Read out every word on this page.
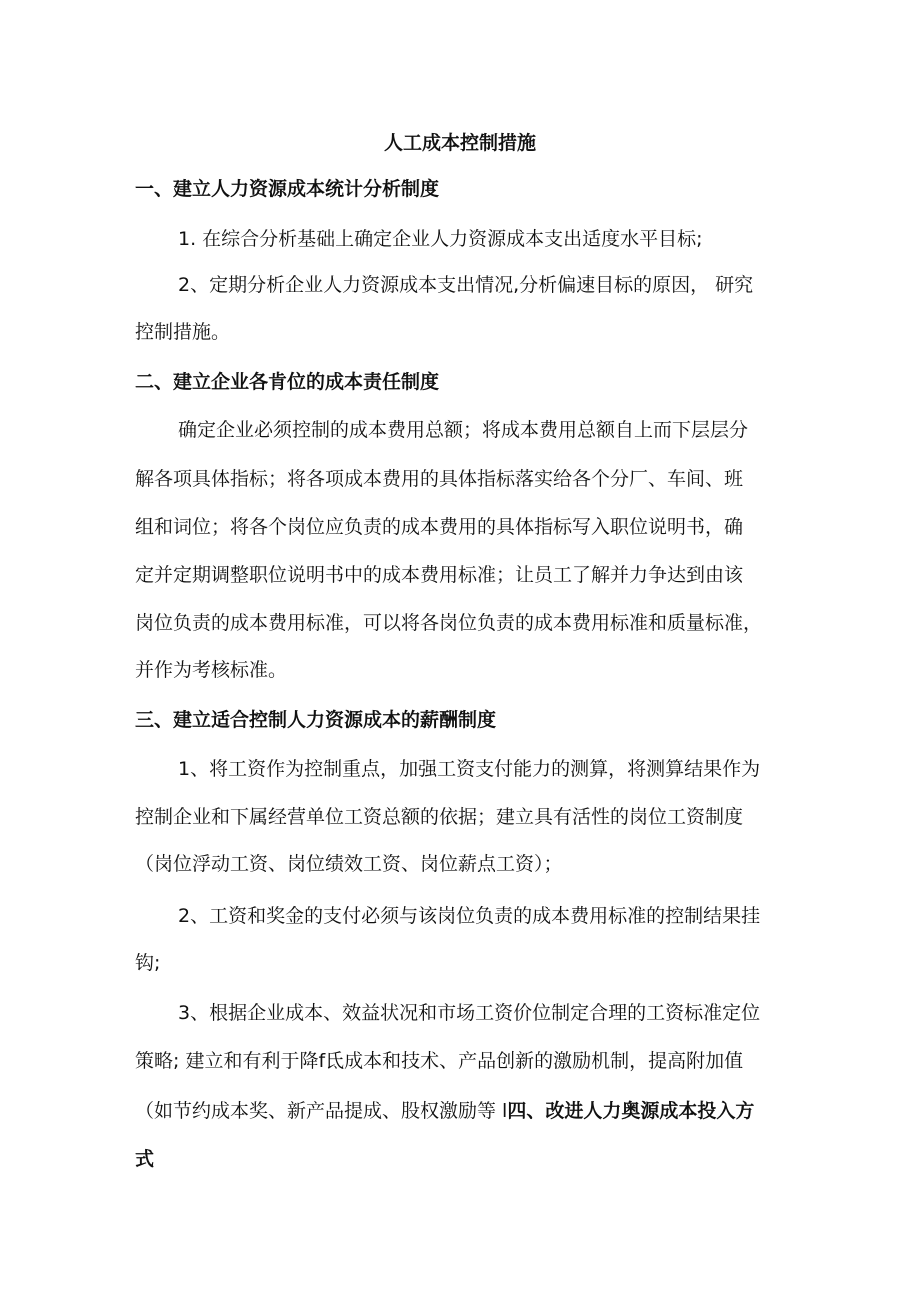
人工成本控制措施
一、建立人力资源成本统计分析制度
1. 在综合分析基础上确定企业人力资源成本支出适度水平目标;
2、定期分析企业人力资源成本支出情况,分析偏速目标的原因， 研究
控制措施。
二、建立企业各肯位的成本责任制度
确定企业必须控制的成本费用总额；将成本费用总额自上而下层层分
解各项具体指标；将各项成本费用的具体指标落实给各个分厂、车间、班
组和词位；将各个岗位应负责的成本费用的具体指标写入职位说明书，确
定并定期调整职位说明书中的成本费用标准；让员工了解并力争达到由该
岗位负责的成本费用标准，可以将各岗位负责的成本费用标准和质量标准，
并作为考核标准。
三、建立适合控制人力资源成本的薪酬制度
1、将工资作为控制重点，加强工资支付能力的测算，将测算结果作为
控制企业和下属经营单位工资总额的依据；建立具有活性的岗位工资制度
（岗位浮动工资、岗位绩效工资、岗位薪点工资）；
2、工资和奖金的支付必须与该岗位负责的成本费用标准的控制结果挂
钩;
3、根据企业成本、效益状况和市场工资价位制定合理的工资标准定位
策略; 建立和有利于降f氐成本和技术、产品创新的激励机制，提高附加值
（如节约成本奖、新产品提成、股权激励等 l四、改进人力奥源成本投入方
式
